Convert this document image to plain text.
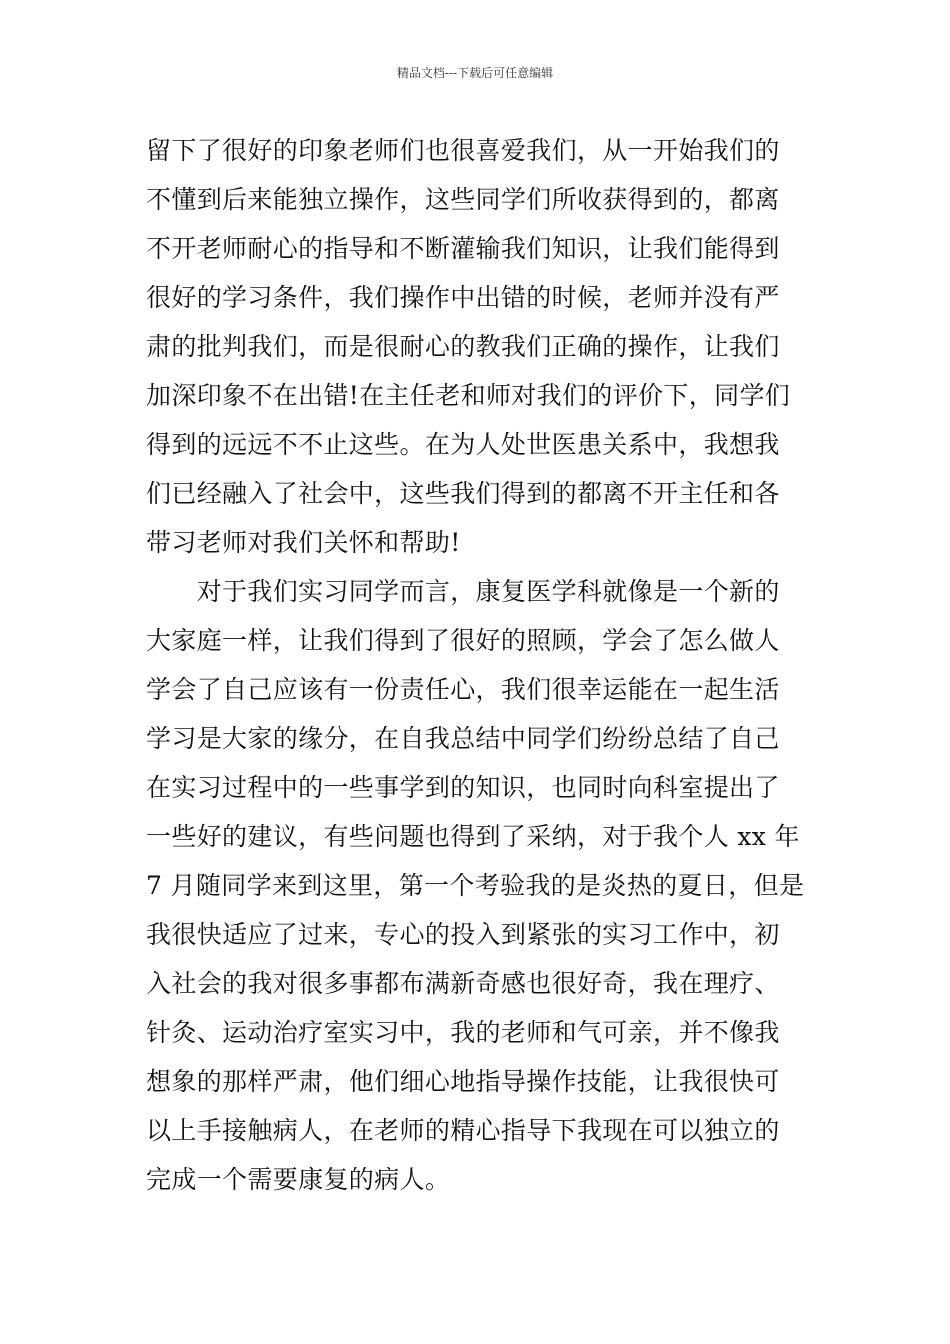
精品文档---下载后可任意编辑
留下了很好的印象老师们也很喜爱我们，从一开始我们的
不懂到后来能独立操作，这些同学们所收获得到的，都离
不开老师耐心的指导和不断灌输我们知识，让我们能得到
很好的学习条件，我们操作中出错的时候，老师并没有严
肃的批判我们，而是很耐心的教我们正确的操作，让我们
加深印象不在出错!在主任老和师对我们的评价下，同学们
得到的远远不不止这些。在为人处世医患关系中，我想我
们已经融入了社会中，这些我们得到的都离不开主任和各
带习老师对我们关怀和帮助!
　　对于我们实习同学而言，康复医学科就像是一个新的
大家庭一样，让我们得到了很好的照顾，学会了怎么做人
学会了自己应该有一份责任心，我们很幸运能在一起生活
学习是大家的缘分，在自我总结中同学们纷纷总结了自己
在实习过程中的一些事学到的知识，也同时向科室提出了
一些好的建议，有些问题也得到了采纳，对于我个人 xx 年
7 月随同学来到这里，第一个考验我的是炎热的夏日，但是
我很快适应了过来，专心的投入到紧张的实习工作中，初
入社会的我对很多事都布满新奇感也很好奇，我在理疗、
针灸、运动治疗室实习中，我的老师和气可亲，并不像我
想象的那样严肃，他们细心地指导操作技能，让我很快可
以上手接触病人，在老师的精心指导下我现在可以独立的
完成一个需要康复的病人。
